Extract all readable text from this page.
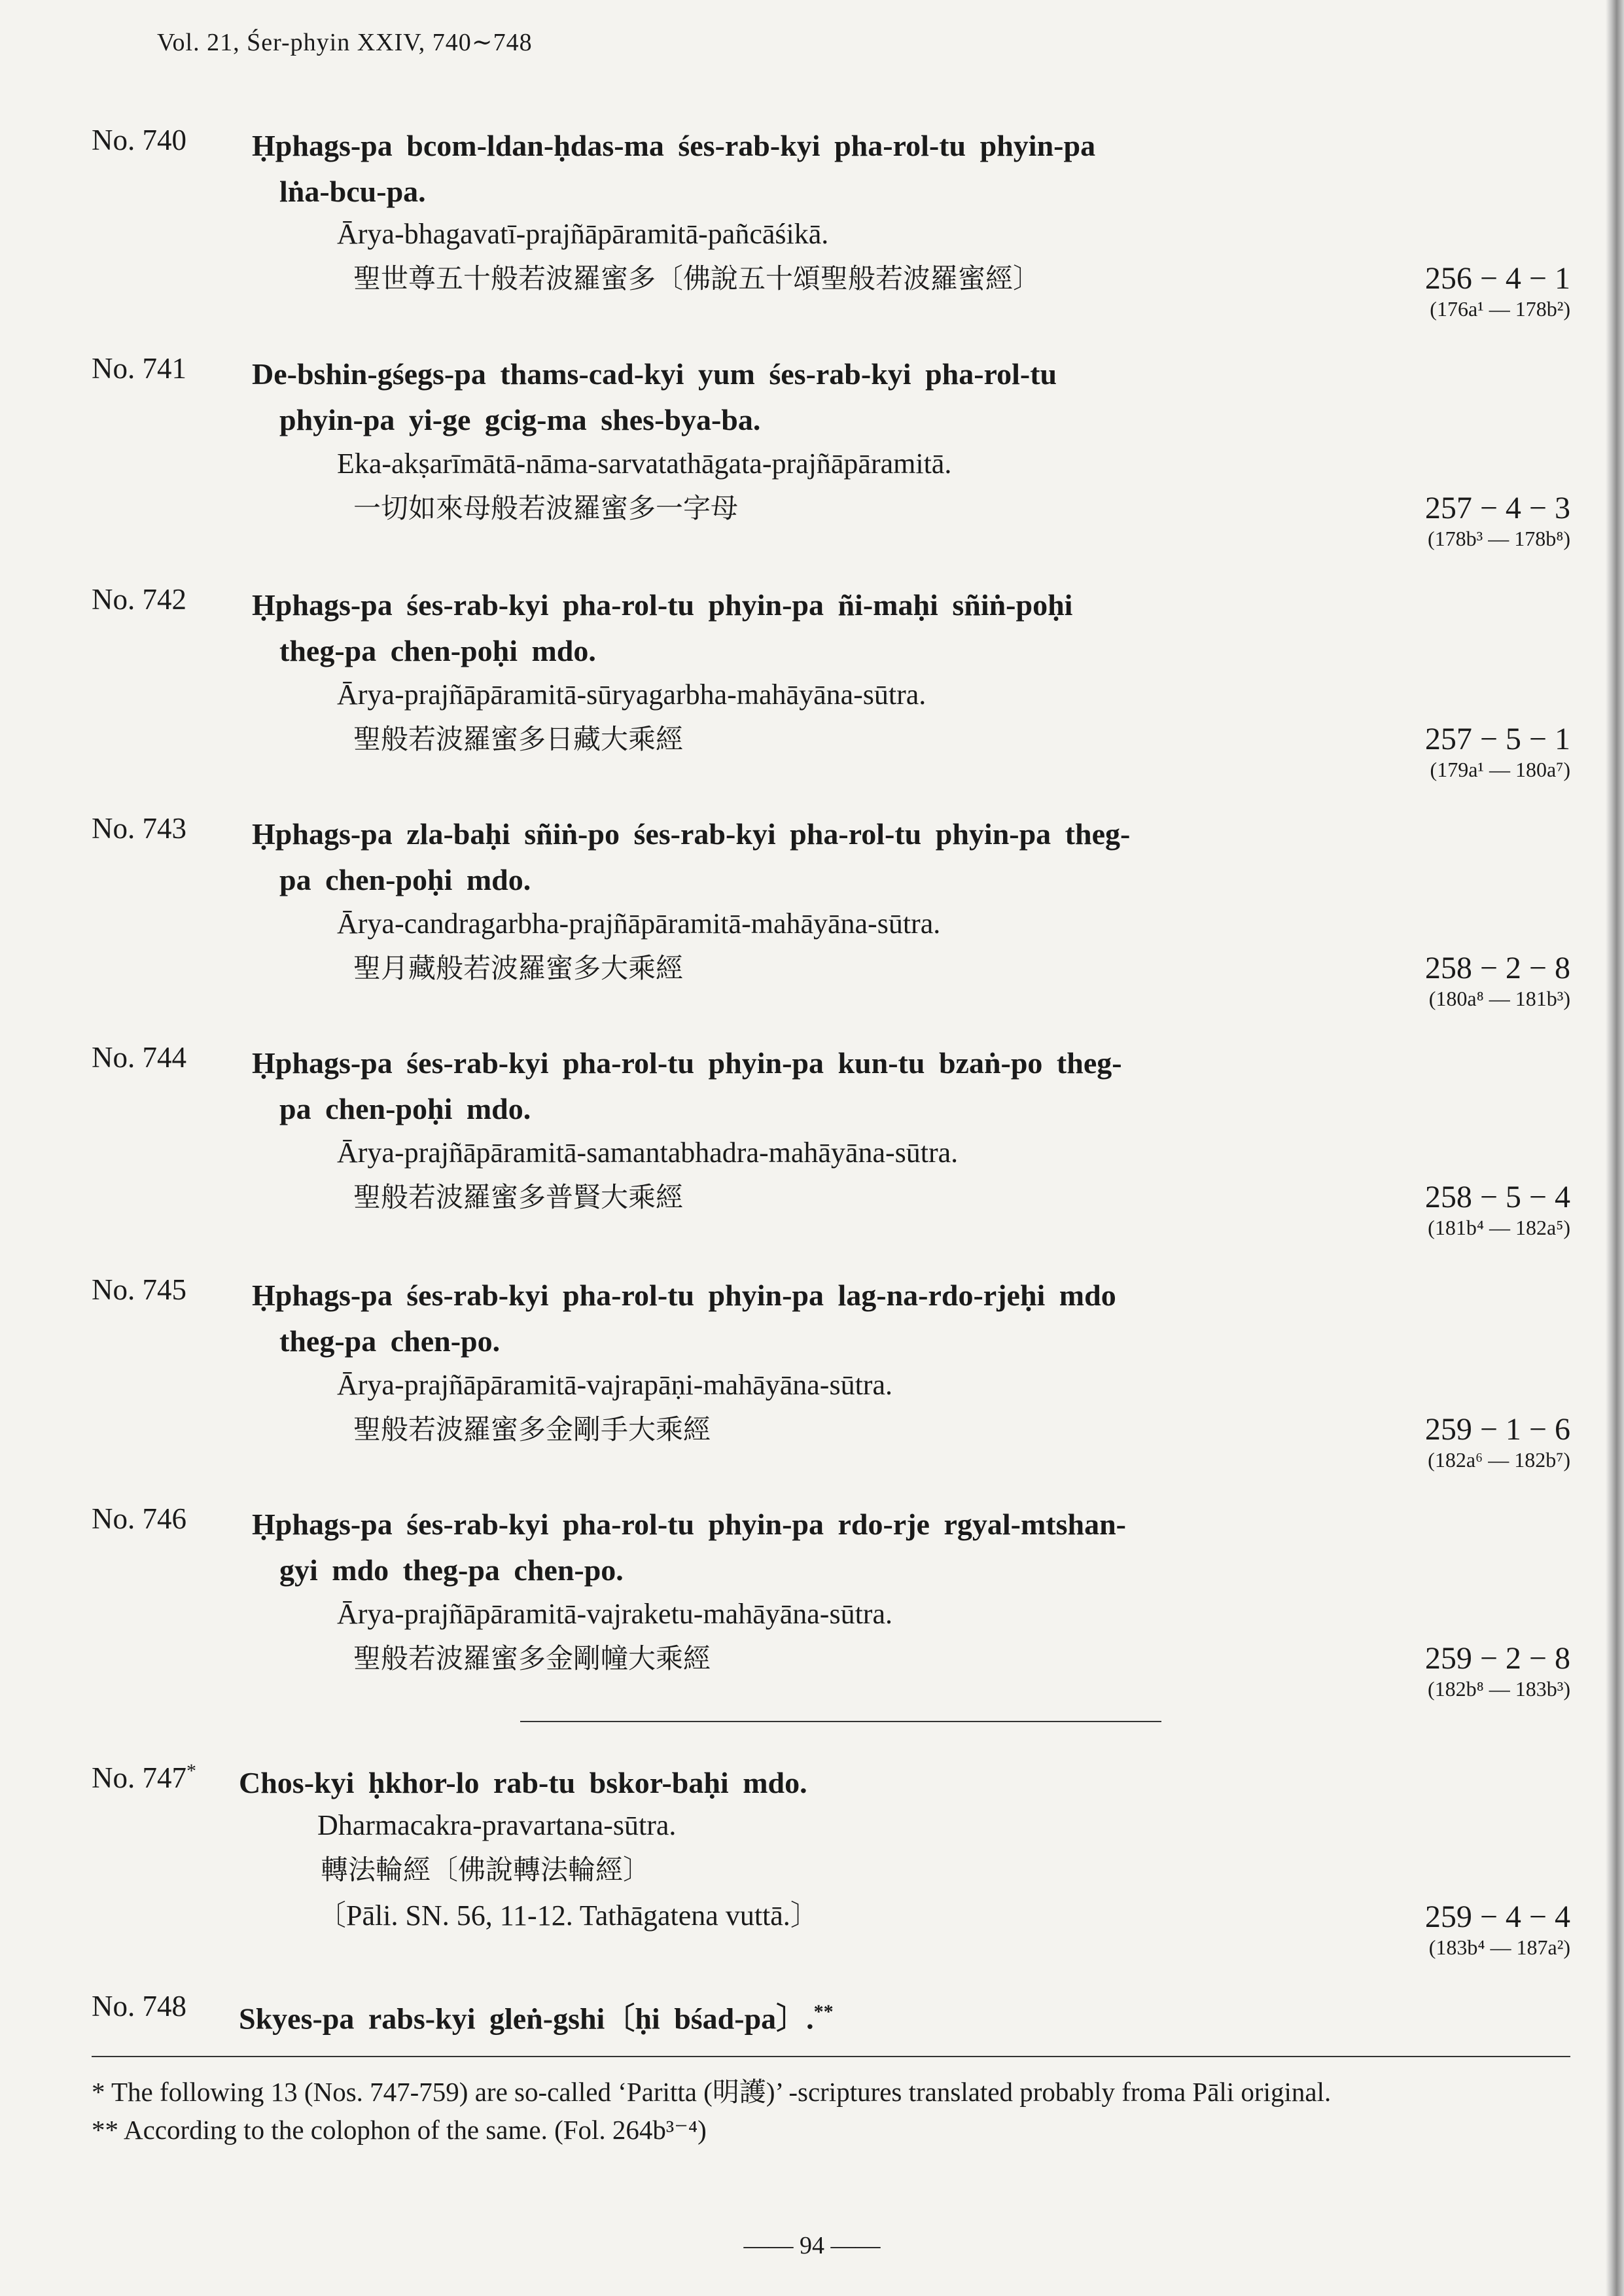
Vol. 21, Śer-phyin XXIV, 740∼748
No. 740 Ḥphags-pa bcom-ldan-ḥdas-ma śes-rab-kyi pha-rol-tu phyin-pa
lṅa-bcu-pa.
Ārya-bhagavatī-prajñāpāramitā-pañcāśikā.
聖世尊五十般若波羅蜜多〔佛說五十頌聖般若波羅蜜經〕	256 − 4 − 1
(176a¹ — 178b²)
No. 741 De-bshin-gśegs-pa thams-cad-kyi yum śes-rab-kyi pha-rol-tu
phyin-pa yi-ge gcig-ma shes-bya-ba.
Eka-akṣarīmātā-nāma-sarvatathāgata-prajñāpāramitā.
一切如來母般若波羅蜜多一字母	257 − 4 − 3
(178b³ — 178b⁸)
No. 742 Ḥphags-pa śes-rab-kyi pha-rol-tu phyin-pa ñi-maḥi sñiṅ-poḥi
theg-pa chen-poḥi mdo.
Ārya-prajñāpāramitā-sūryagarbha-mahāyāna-sūtra.
聖般若波羅蜜多日藏大乘經	257 − 5 − 1
(179a¹ — 180a⁷)
No. 743 Ḥphags-pa zla-baḥi sñiṅ-po śes-rab-kyi pha-rol-tu phyin-pa theg-
pa chen-poḥi mdo.
Ārya-candragarbha-prajñāpāramitā-mahāyāna-sūtra.
聖月藏般若波羅蜜多大乘經	258 − 2 − 8
(180a⁸ — 181b³)
No. 744 Ḥphags-pa śes-rab-kyi pha-rol-tu phyin-pa kun-tu bzaṅ-po theg-
pa chen-poḥi mdo.
Ārya-prajñāpāramitā-samantabhadra-mahāyāna-sūtra.
聖般若波羅蜜多普賢大乘經	258 − 5 − 4
(181b⁴ — 182a⁵)
No. 745 Ḥphags-pa śes-rab-kyi pha-rol-tu phyin-pa lag-na-rdo-rjeḥi mdo
theg-pa chen-po.
Ārya-prajñāpāramitā-vajrapāṇi-mahāyāna-sūtra.
聖般若波羅蜜多金剛手大乘經	259 − 1 − 6
(182a⁶ — 182b⁷)
No. 746 Ḥphags-pa śes-rab-kyi pha-rol-tu phyin-pa rdo-rje rgyal-mtshan-
gyi mdo theg-pa chen-po.
Ārya-prajñāpāramitā-vajraketu-mahāyāna-sūtra.
聖般若波羅蜜多金剛幢大乘經	259 − 2 − 8
(182b⁸ — 183b³)
No. 747* Chos-kyi ḥkhor-lo rab-tu bskor-baḥi mdo.
Dharmacakra-pravartana-sūtra.
轉法輪經〔佛說轉法輪經〕
〔Pāli. SN. 56, 11-12. Tathāgatena vuttā.〕	259 − 4 − 4
(183b⁴ — 187a²)
No. 748 Skyes-pa rabs-kyi gleṅ-gshi〔ḥi bśad-pa〕.**

* The following 13 (Nos. 747-759) are so-called ‘Paritta (明護)’ -scriptures translated probably froma Pāli original.

** According to the colophon of the same. (Fol. 264b³⁻⁴)

—— 94 ——
